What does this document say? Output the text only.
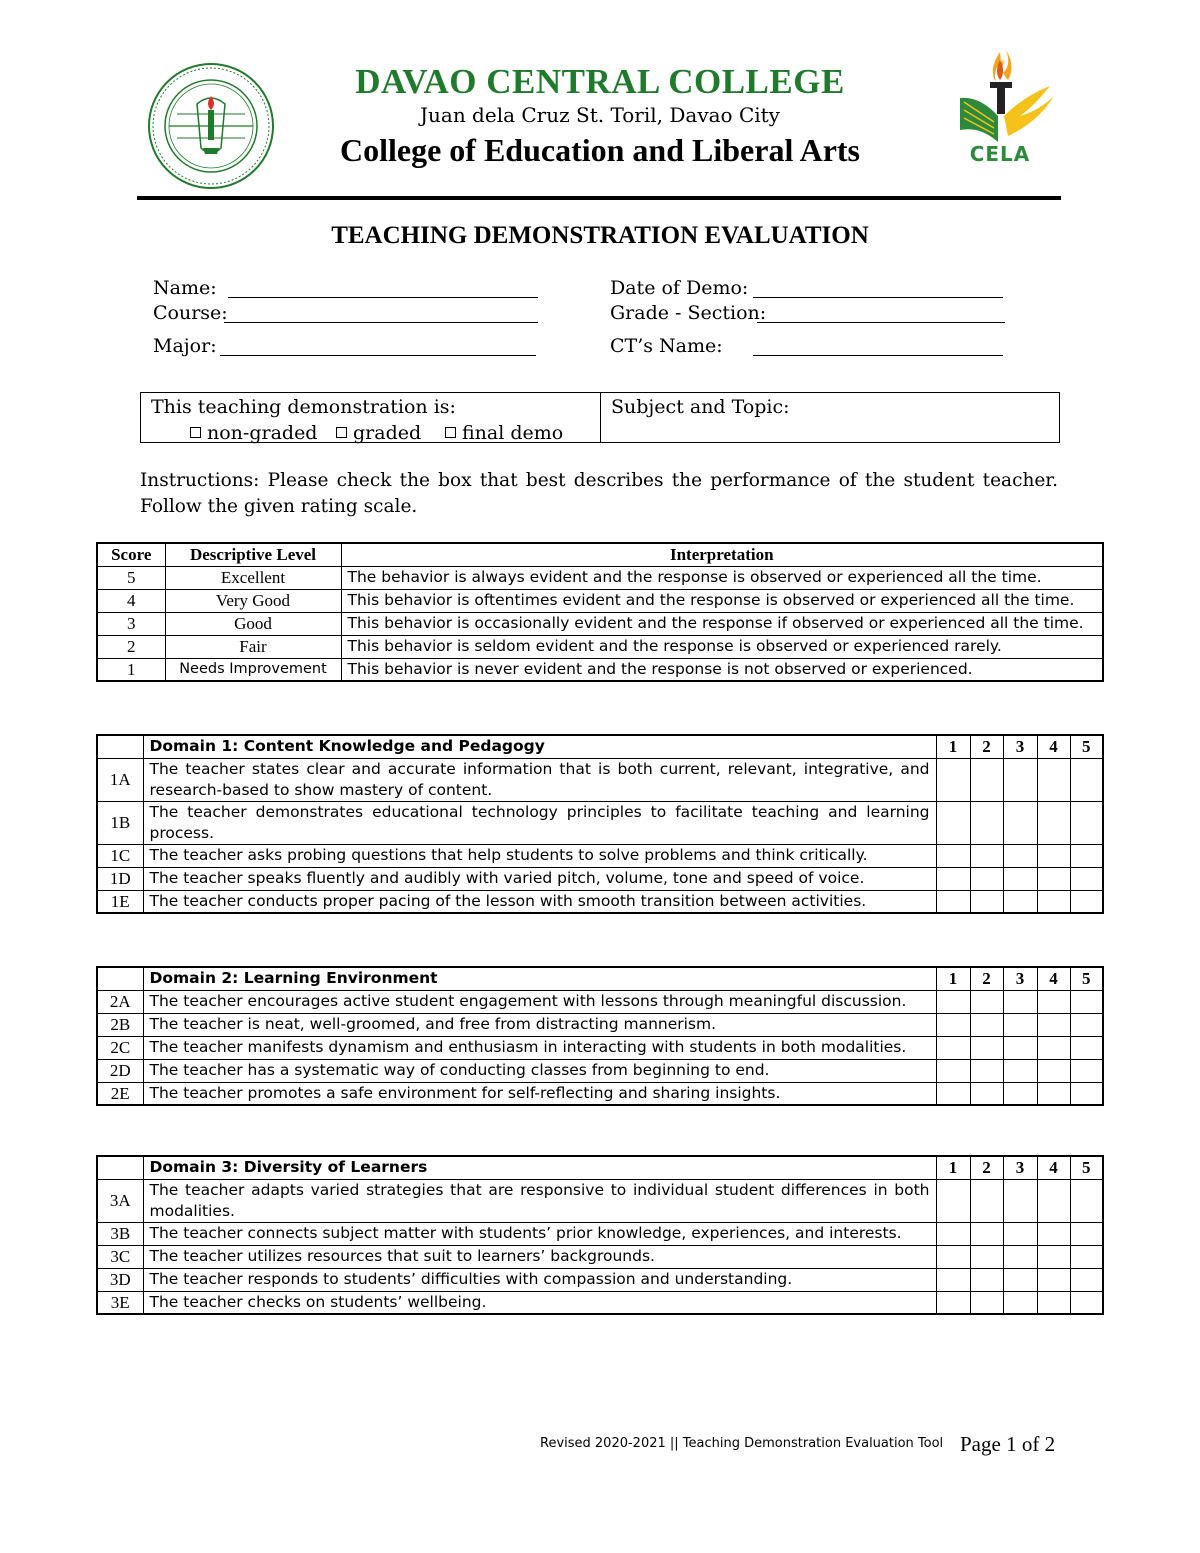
DAVAO CENTRAL COLLEGE
Juan dela Cruz St. Toril, Davao City
College of Education and Liberal Arts	CELA
TEACHING DEMONSTRATION EVALUATION
Name:
Course:
Major:
Date of Demo:
Grade - Section:
CT’s Name:
This teaching demonstration is:
non-graded	graded	final demo
Subject and Topic:
Instructions: Please check the box that best describes the performance of the student teacher. Follow the given rating scale.
Score	Descriptive Level	Interpretation
5	Excellent	The behavior is always evident and the response is observed or experienced all the time.
4	Very Good	This behavior is oftentimes evident and the response is observed or experienced all the time.
3	Good	This behavior is occasionally evident and the response if observed or experienced all the time.
2	Fair	This behavior is seldom evident and the response is observed or experienced rarely.
1	Needs Improvement	This behavior is never evident and the response is not observed or experienced.
	Domain 1: Content Knowledge and Pedagogy	1	2	3	4	5
1A	The teacher states clear and accurate information that is both current, relevant, integrative, and research-based to show mastery of content.					
1B	The teacher demonstrates educational technology principles to facilitate teaching and learning process.					
1C	The teacher asks probing questions that help students to solve problems and think critically.					
1D	The teacher speaks fluently and audibly with varied pitch, volume, tone and speed of voice.					
1E	The teacher conducts proper pacing of the lesson with smooth transition between activities.					
	Domain 2: Learning Environment	1	2	3	4	5
2A	The teacher encourages active student engagement with lessons through meaningful discussion.					
2B	The teacher is neat, well-groomed, and free from distracting mannerism.					
2C	The teacher manifests dynamism and enthusiasm in interacting with students in both modalities.					
2D	The teacher has a systematic way of conducting classes from beginning to end.					
2E	The teacher promotes a safe environment for self-reflecting and sharing insights.					
	Domain 3: Diversity of Learners	1	2	3	4	5
3A	The teacher adapts varied strategies that are responsive to individual student differences in both modalities.					
3B	The teacher connects subject matter with students’ prior knowledge, experiences, and interests.					
3C	The teacher utilizes resources that suit to learners’ backgrounds.					
3D	The teacher responds to students’ difficulties with compassion and understanding.					
3E	The teacher checks on students’ wellbeing.					
Revised 2020-2021 || Teaching Demonstration Evaluation Tool Page 1 of 2
